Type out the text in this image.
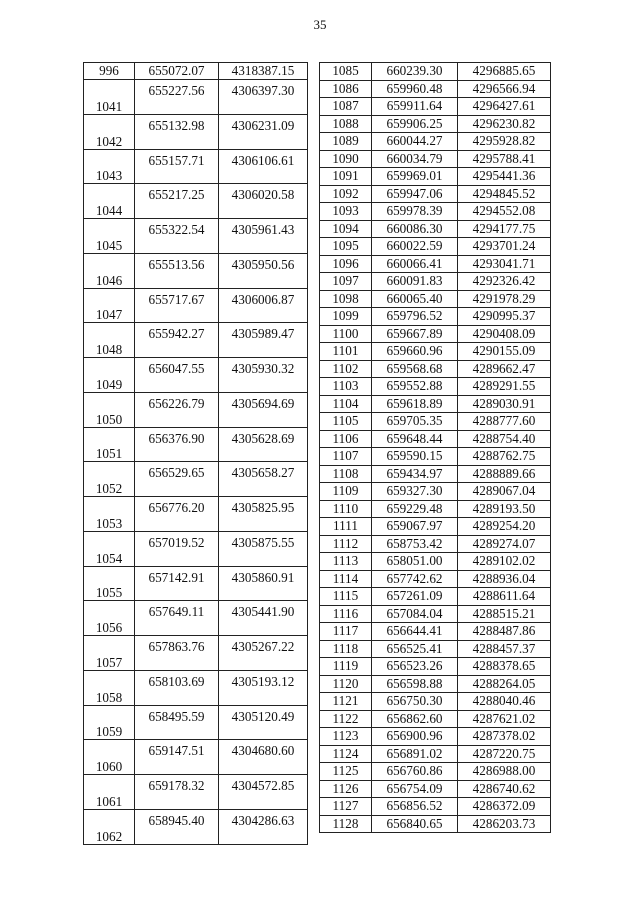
35
996	655072.07	4318387.15
1041	655227.56	4306397.30
1042	655132.98	4306231.09
1043	655157.71	4306106.61
1044	655217.25	4306020.58
1045	655322.54	4305961.43
1046	655513.56	4305950.56
1047	655717.67	4306006.87
1048	655942.27	4305989.47
1049	656047.55	4305930.32
1050	656226.79	4305694.69
1051	656376.90	4305628.69
1052	656529.65	4305658.27
1053	656776.20	4305825.95
1054	657019.52	4305875.55
1055	657142.91	4305860.91
1056	657649.11	4305441.90
1057	657863.76	4305267.22
1058	658103.69	4305193.12
1059	658495.59	4305120.49
1060	659147.51	4304680.60
1061	659178.32	4304572.85
1062	658945.40	4304286.63
1085	660239.30	4296885.65
1086	659960.48	4296566.94
1087	659911.64	4296427.61
1088	659906.25	4296230.82
1089	660044.27	4295928.82
1090	660034.79	4295788.41
1091	659969.01	4295441.36
1092	659947.06	4294845.52
1093	659978.39	4294552.08
1094	660086.30	4294177.75
1095	660022.59	4293701.24
1096	660066.41	4293041.71
1097	660091.83	4292326.42
1098	660065.40	4291978.29
1099	659796.52	4290995.37
1100	659667.89	4290408.09
1101	659660.96	4290155.09
1102	659568.68	4289662.47
1103	659552.88	4289291.55
1104	659618.89	4289030.91
1105	659705.35	4288777.60
1106	659648.44	4288754.40
1107	659590.15	4288762.75
1108	659434.97	4288889.66
1109	659327.30	4289067.04
1110	659229.48	4289193.50
1111	659067.97	4289254.20
1112	658753.42	4289274.07
1113	658051.00	4289102.02
1114	657742.62	4288936.04
1115	657261.09	4288611.64
1116	657084.04	4288515.21
1117	656644.41	4288487.86
1118	656525.41	4288457.37
1119	656523.26	4288378.65
1120	656598.88	4288264.05
1121	656750.30	4288040.46
1122	656862.60	4287621.02
1123	656900.96	4287378.02
1124	656891.02	4287220.75
1125	656760.86	4286988.00
1126	656754.09	4286740.62
1127	656856.52	4286372.09
1128	656840.65	4286203.73
